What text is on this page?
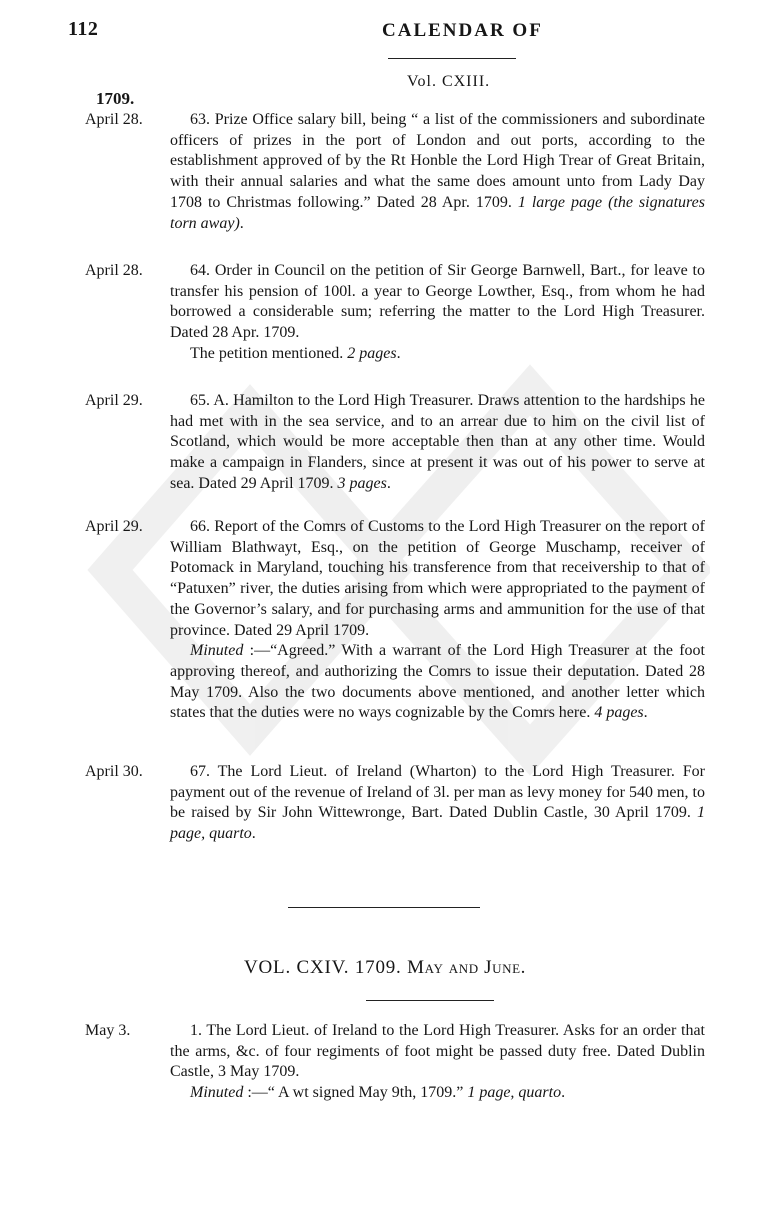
112	CALENDAR OF
Vol. CXIII.
1709.
April 28.	63. Prize Office salary bill, being “ a list of the commissioners and subordinate officers of prizes in the port of London and out ports, according to the establishment approved of by the Rt Honble the Lord High Trear of Great Britain, with their annual salaries and what the same does amount unto from Lady Day 1708 to Christmas following.” Dated 28 Apr. 1709. 1 large page (the signatures torn away).

April 28.	64. Order in Council on the petition of Sir George Barnwell, Bart., for leave to transfer his pension of 100l. a year to George Lowther, Esq., from whom he had borrowed a considerable sum; referring the matter to the Lord High Treasurer. Dated 28 Apr. 1709.

The petition mentioned. 2 pages.

April 29.	65. A. Hamilton to the Lord High Treasurer. Draws attention to the hardships he had met with in the sea service, and to an arrear due to him on the civil list of Scotland, which would be more acceptable then than at any other time. Would make a campaign in Flanders, since at present it was out of his power to serve at sea. Dated 29 April 1709. 3 pages.

April 29.	66. Report of the Comrs of Customs to the Lord High Treasurer on the report of William Blathwayt, Esq., on the petition of George Muschamp, receiver of Potomack in Maryland, touching his transference from that receivership to that of “Patuxen” river, the duties arising from which were appropriated to the payment of the Governor’s salary, and for purchasing arms and ammunition for the use of that province. Dated 29 April 1709.

Minuted :—“Agreed.” With a warrant of the Lord High Treasurer at the foot approving thereof, and authorizing the Comrs to issue their deputation. Dated 28 May 1709. Also the two documents above mentioned, and another letter which states that the duties were no ways cognizable by the Comrs here. 4 pages.

April 30.	67. The Lord Lieut. of Ireland (Wharton) to the Lord High Treasurer. For payment out of the revenue of Ireland of 3l. per man as levy money for 540 men, to be raised by Sir John Wittewronge, Bart. Dated Dublin Castle, 30 April 1709. 1 page, quarto.

VOL. CXIV. 1709. May and June.
May 3.	1. The Lord Lieut. of Ireland to the Lord High Treasurer. Asks for an order that the arms, &c. of four regiments of foot might be passed duty free. Dated Dublin Castle, 3 May 1709.

Minuted :—“ A wt signed May 9th, 1709.” 1 page, quarto.
